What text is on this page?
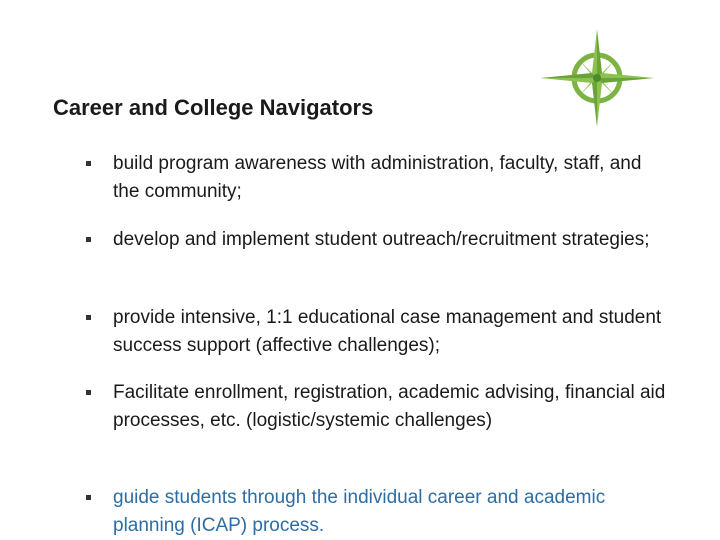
Career and College Navigators
build program awareness with administration, faculty, staff, and the community;
develop and implement student outreach/recruitment strategies;
provide intensive, 1:1 educational case management and student success support (affective challenges);
Facilitate enrollment, registration, academic advising, financial aid processes, etc. (logistic/systemic challenges)
guide students through the individual career and academic planning (ICAP) process.
